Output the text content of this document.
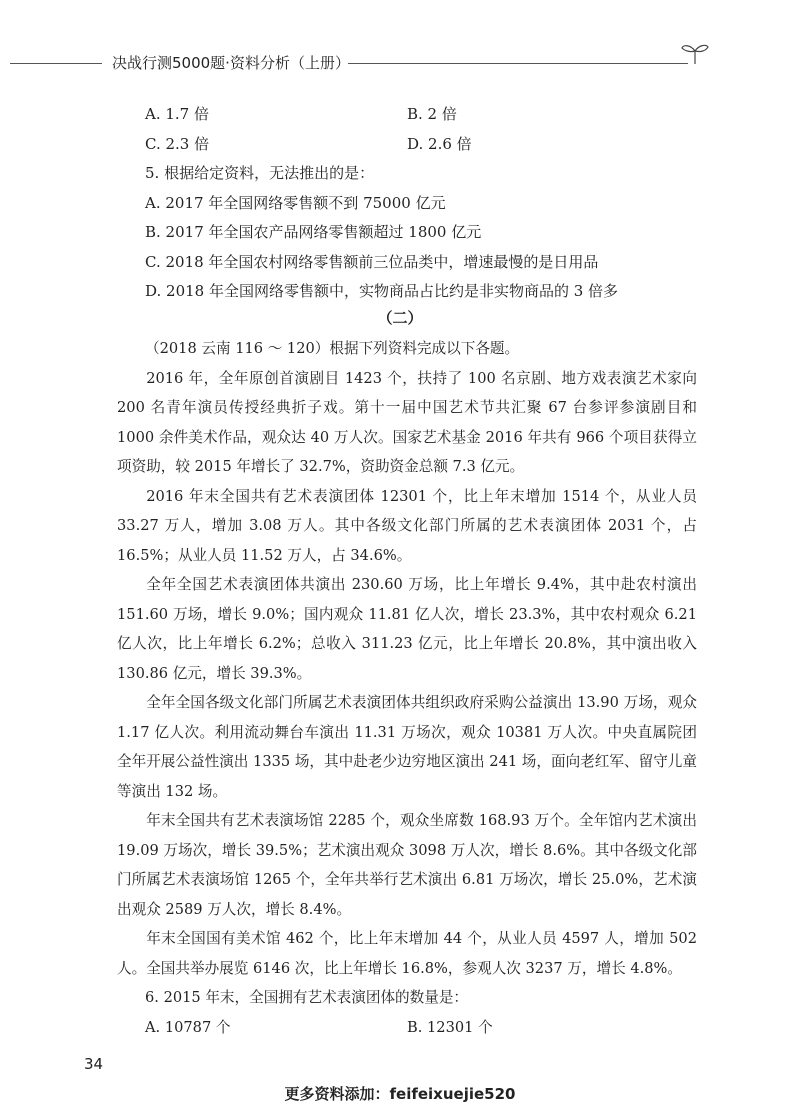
决战行测5000题·资料分析（上册）
A. 1.7 倍	B. 2 倍
C. 2.3 倍	D. 2.6 倍
5. 根据给定资料，无法推出的是：
A. 2017 年全国网络零售额不到 75000 亿元
B. 2017 年全国农产品网络零售额超过 1800 亿元
C. 2018 年全国农村网络零售额前三位品类中，增速最慢的是日用品
D. 2018 年全国网络零售额中，实物商品占比约是非实物商品的 3 倍多
（二）

（2018 云南 116 ～ 120）根据下列资料完成以下各题。

2016 年，全年原创首演剧目 1423 个，扶持了 100 名京剧、地方戏表演艺术家向 200 名青年演员传授经典折子戏。第十一届中国艺术节共汇聚 67 台参评参演剧目和 1000 余件美术作品，观众达 40 万人次。国家艺术基金 2016 年共有 966 个项目获得立项资助，较 2015 年增长了 32.7%，资助资金总额 7.3 亿元。

2016 年末全国共有艺术表演团体 12301 个，比上年末增加 1514 个，从业人员 33.27 万人，增加 3.08 万人。其中各级文化部门所属的艺术表演团体 2031 个，占 16.5%；从业人员 11.52 万人，占 34.6%。

全年全国艺术表演团体共演出 230.60 万场，比上年增长 9.4%，其中赴农村演出 151.60 万场，增长 9.0%；国内观众 11.81 亿人次，增长 23.3%，其中农村观众 6.21 亿人次，比上年增长 6.2%；总收入 311.23 亿元，比上年增长 20.8%，其中演出收入 130.86 亿元，增长 39.3%。

全年全国各级文化部门所属艺术表演团体共组织政府采购公益演出 13.90 万场，观众 1.17 亿人次。利用流动舞台车演出 11.31 万场次，观众 10381 万人次。中央直属院团全年开展公益性演出 1335 场，其中赴老少边穷地区演出 241 场，面向老红军、留守儿童等演出 132 场。

年末全国共有艺术表演场馆 2285 个，观众坐席数 168.93 万个。全年馆内艺术演出 19.09 万场次，增长 39.5%；艺术演出观众 3098 万人次，增长 8.6%。其中各级文化部门所属艺术表演场馆 1265 个，全年共举行艺术演出 6.81 万场次，增长 25.0%，艺术演出观众 2589 万人次，增长 8.4%。

年末全国国有美术馆 462 个，比上年末增加 44 个，从业人员 4597 人，增加 502 人。全国共举办展览 6146 次，比上年增长 16.8%，参观人次 3237 万，增长 4.8%。

6. 2015 年末，全国拥有艺术表演团体的数量是：

A. 10787 个	B. 12301 个

34
更多资料添加：feifeixuejie520
